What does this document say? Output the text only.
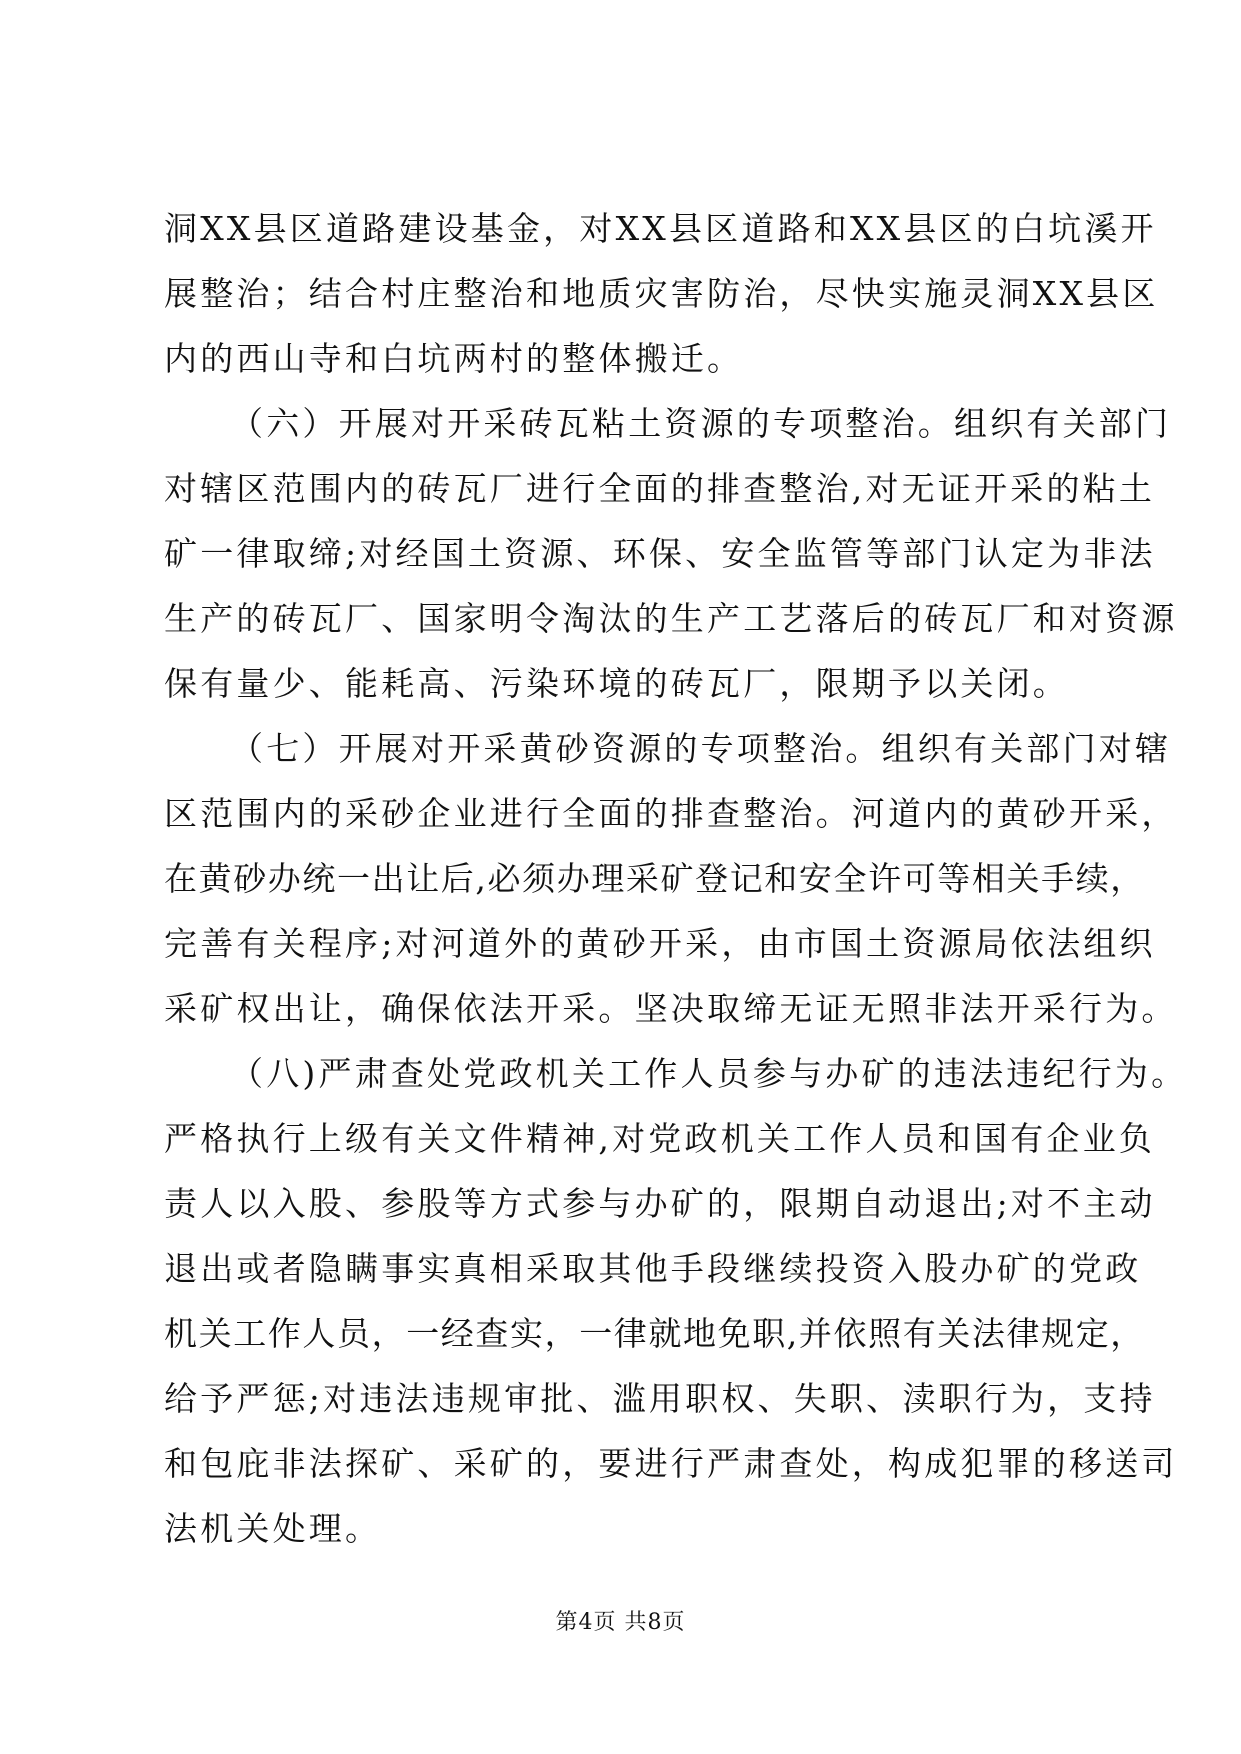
洞XX县区道路建设基金，对XX县区道路和XX县区的白坑溪开
展整治；结合村庄整治和地质灾害防治，尽快实施灵洞XX县区
内的西山寺和白坑两村的整体搬迁。
（六）开展对开采砖瓦粘土资源的专项整治。组织有关部门
对辖区范围内的砖瓦厂进行全面的排查整治,对无证开采的粘土
矿一律取缔;对经国土资源、环保、安全监管等部门认定为非法
生产的砖瓦厂、国家明令淘汰的生产工艺落后的砖瓦厂和对资源
保有量少、能耗高、污染环境的砖瓦厂，限期予以关闭。
（七）开展对开采黄砂资源的专项整治。组织有关部门对辖
区范围内的采砂企业进行全面的排查整治。河道内的黄砂开采，
在黄砂办统一出让后,必须办理采矿登记和安全许可等相关手续，
完善有关程序;对河道外的黄砂开采，由市国土资源局依法组织
采矿权出让，确保依法开采。坚决取缔无证无照非法开采行为。
（八)严肃查处党政机关工作人员参与办矿的违法违纪行为。
严格执行上级有关文件精神,对党政机关工作人员和国有企业负
责人以入股、参股等方式参与办矿的，限期自动退出;对不主动
退出或者隐瞒事实真相采取其他手段继续投资入股办矿的党政
机关工作人员，一经查实，一律就地免职,并依照有关法律规定，
给予严惩;对违法违规审批、滥用职权、失职、渎职行为，支持
和包庇非法探矿、采矿的，要进行严肃查处，构成犯罪的移送司
法机关处理。
第4页 共8页
